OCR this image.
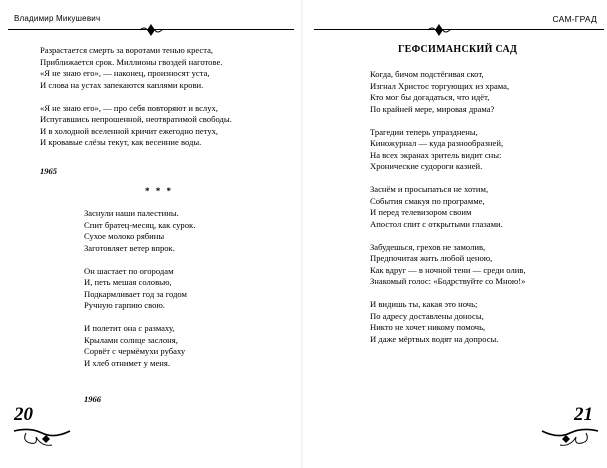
Владимир Микушевич
Разрастается смерть за воротами тенью креста,
Приближается срок. Миллионы гвоздей наготове.
«Я не знаю его», — наконец, произносят уста,
И слова на устах запекаются каплями крови.
«Я не знаю его», — про себя повторяют и вслух,
Испугавшись непрошенной, неотвратимой свободы.
И в холодной вселенной кричит ежегодно петух,
И кровавые слёзы текут, как весенние воды.
1965
* * *
Заснули наши палестины.
Спит братец-месяц, как сурок.
Сухое молоко рябины
Заготовляет ветер впрок.
Он шастает по огородам
И, петь мешая соловью,
Подкармливает год за годом
Ручную гарпию свою.
И полетит она с размаху,
Крылами солнце заслоня,
Сорвёт с чермёмухи рубаху
И хлеб отнимет у меня.
1966
20
САМ-ГРАД
ГЕФСИМАНСКИЙ САД
Когда, бичом подстёгивая скот,
Изгнал Христос торгующих из храма,
Кто мог бы догадаться, что идёт,
По крайней мере, мировая драма?
Трагедии теперь упразднены,
Киножурнал — куда разнообразней,
На всех экранах зритель видит сны:
Хронические судороги казней.
Заснём и просыпаться не хотим,
События смакуя по программе,
И перед телевизором своим
Апостол спит с открытыми глазами.
Забудешься, грехов не замолив,
Предпочитая жить любой ценою,
Как вдруг — в ночной тени — среди олив,
Знакомый голос: «Бодрствуйте со Мною!»
И видишь ты, какая это ночь;
По адресу доставлены доносы,
Никто не хочет никому помочь,
И даже мёртвых водят на допросы.
21
